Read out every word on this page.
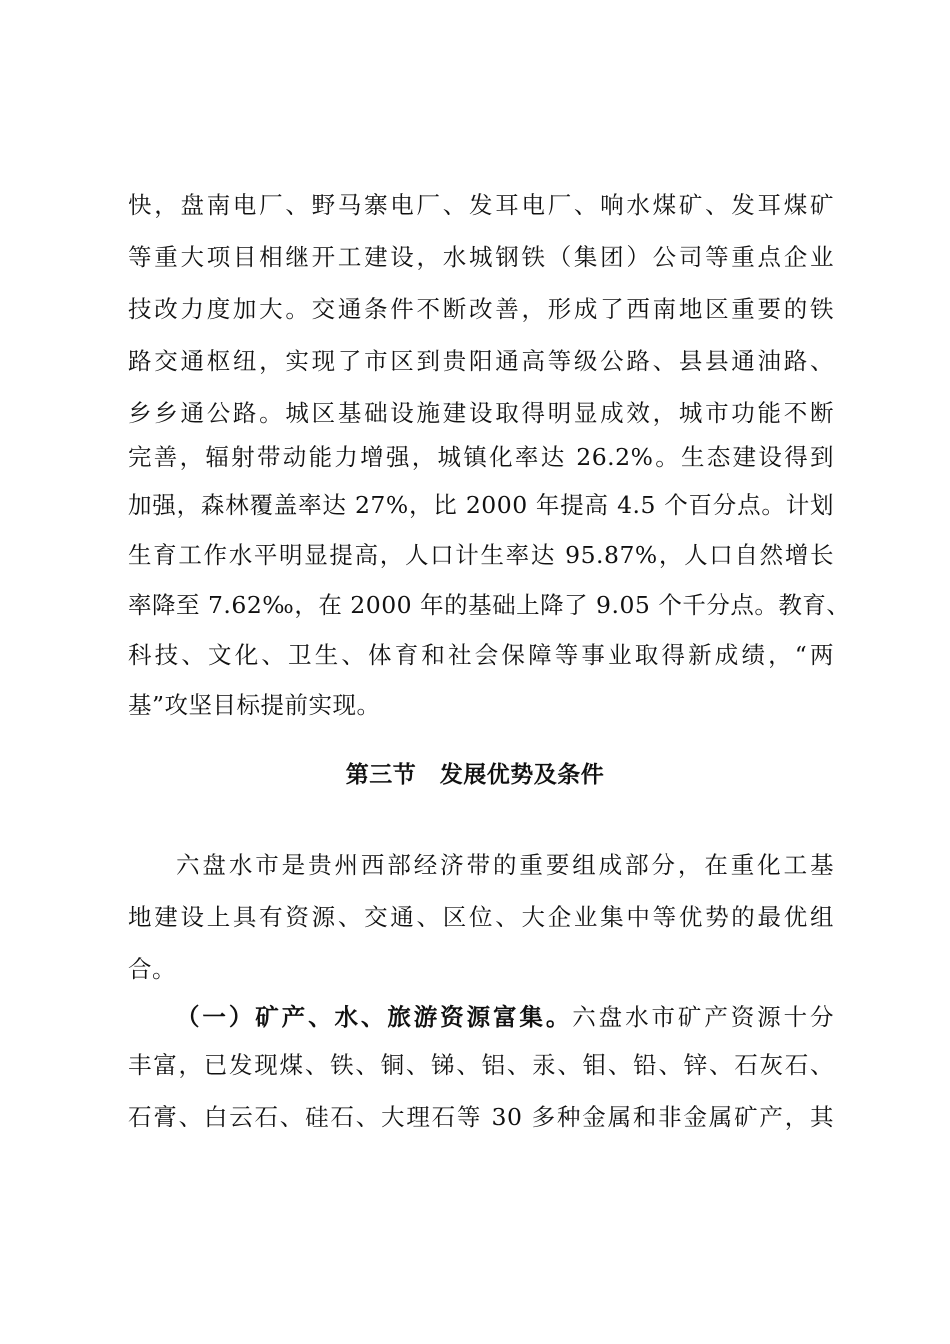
快，盘南电厂、野马寨电厂、发耳电厂、响水煤矿、发耳煤矿
等重大项目相继开工建设，水城钢铁（集团）公司等重点企业
技改力度加大。交通条件不断改善，形成了西南地区重要的铁
路交通枢纽，实现了市区到贵阳通高等级公路、县县通油路、
乡乡通公路。城区基础设施建设取得明显成效，城市功能不断
完善，辐射带动能力增强，城镇化率达 26.2%。生态建设得到
加强，森林覆盖率达 27%，比 2000 年提高 4.5 个百分点。计划
生育工作水平明显提高，人口计生率达 95.87%，人口自然增长
率降至 7.62‰，在 2000 年的基础上降了 9.05 个千分点。教育、
科技、文化、卫生、体育和社会保障等事业取得新成绩，“两
基”攻坚目标提前实现。
第三节　发展优势及条件
六盘水市是贵州西部经济带的重要组成部分，在重化工基
地建设上具有资源、交通、区位、大企业集中等优势的最优组
合。
（一）矿产、水、旅游资源富集。六盘水市矿产资源十分
丰富，已发现煤、铁、铜、锑、铝、汞、钼、铅、锌、石灰石、
石膏、白云石、硅石、大理石等 30 多种金属和非金属矿产，其
